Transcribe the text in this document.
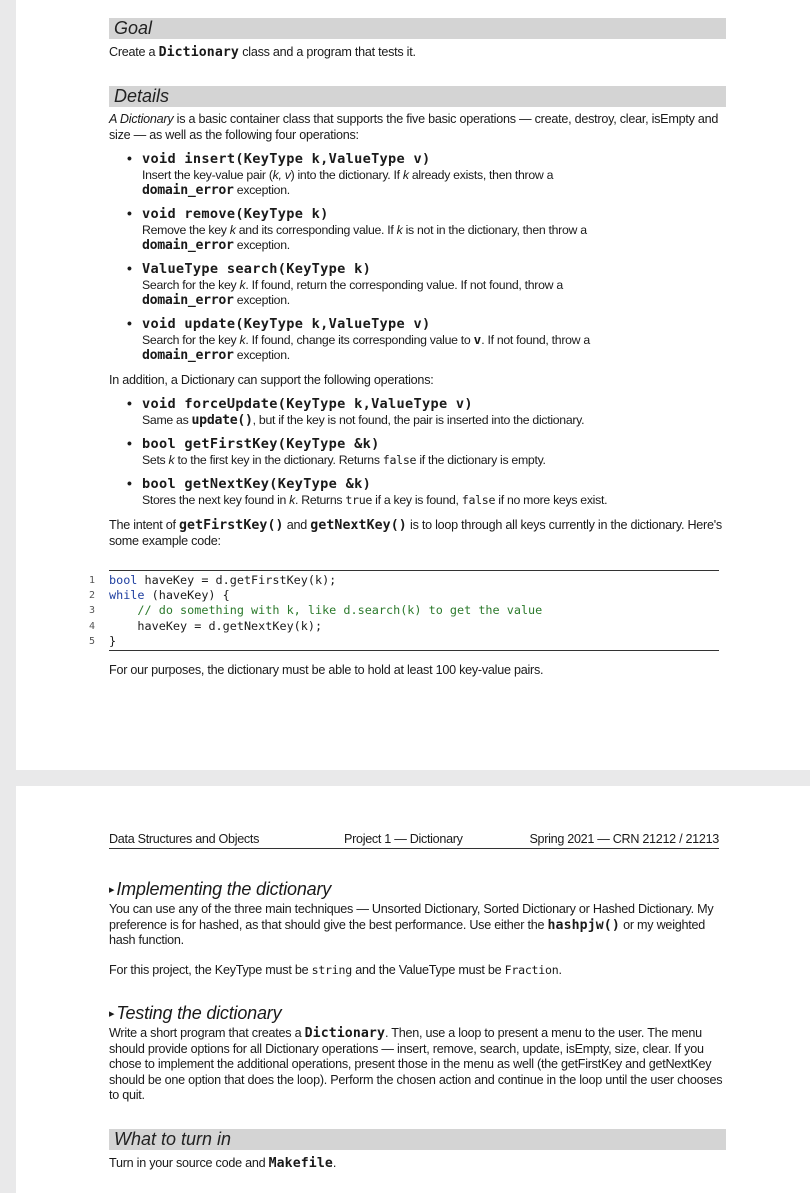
Goal

Create a Dictionary class and a program that tests it.

Details

A Dictionary is a basic container class that supports the five basic operations — create, destroy, clear, isEmpty and size — as well as the following four operations:

• void insert(KeyType k,ValueType v)
Insert the key-value pair (k, v) into the dictionary. If k already exists, then throw a
domain_error exception.
• void remove(KeyType k)
Remove the key k and its corresponding value. If k is not in the dictionary, then throw a
domain_error exception.
• ValueType search(KeyType k)
Search for the key k. If found, return the corresponding value. If not found, throw a
domain_error exception.
• void update(KeyType k,ValueType v)
Search for the key k. If found, change its corresponding value to v. If not found, throw a
domain_error exception.

In addition, a Dictionary can support the following operations:

• void forceUpdate(KeyType k,ValueType v)
Same as update(), but if the key is not found, the pair is inserted into the dictionary.
• bool getFirstKey(KeyType &k)
Sets k to the first key in the dictionary. Returns false if the dictionary is empty.
• bool getNextKey(KeyType &k)
Stores the next key found in k. Returns true if a key is found, false if no more keys exist.

The intent of getFirstKey() and getNextKey() is to loop through all keys currently in the dictionary. Here's some example code:

1 bool haveKey = d.getFirstKey(k);
2 while (haveKey) {
3	// do something with k, like d.search(k) to get the value
4	haveKey = d.getNextKey(k);
5 }

For our purposes, the dictionary must be able to hold at least 100 key-value pairs.

Data Structures and Objects	Project 1 — Dictionary	Spring 2021 — CRN 21212 / 21213
▸ Implementing the dictionary

You can use any of the three main techniques — Unsorted Dictionary, Sorted Dictionary or Hashed Dictionary. My preference is for hashed, as that should give the best performance. Use either the hashpjw() or my weighted hash function.

For this project, the KeyType must be string and the ValueType must be Fraction.

▸ Testing the dictionary

Write a short program that creates a Dictionary. Then, use a loop to present a menu to the user. The menu should provide options for all Dictionary operations — insert, remove, search, update, isEmpty, size, clear. If you chose to implement the additional operations, present those in the menu as well (the getFirstKey and getNextKey should be one option that does the loop). Perform the chosen action and continue in the loop until the user chooses to quit.

What to turn in

Turn in your source code and Makefile.
